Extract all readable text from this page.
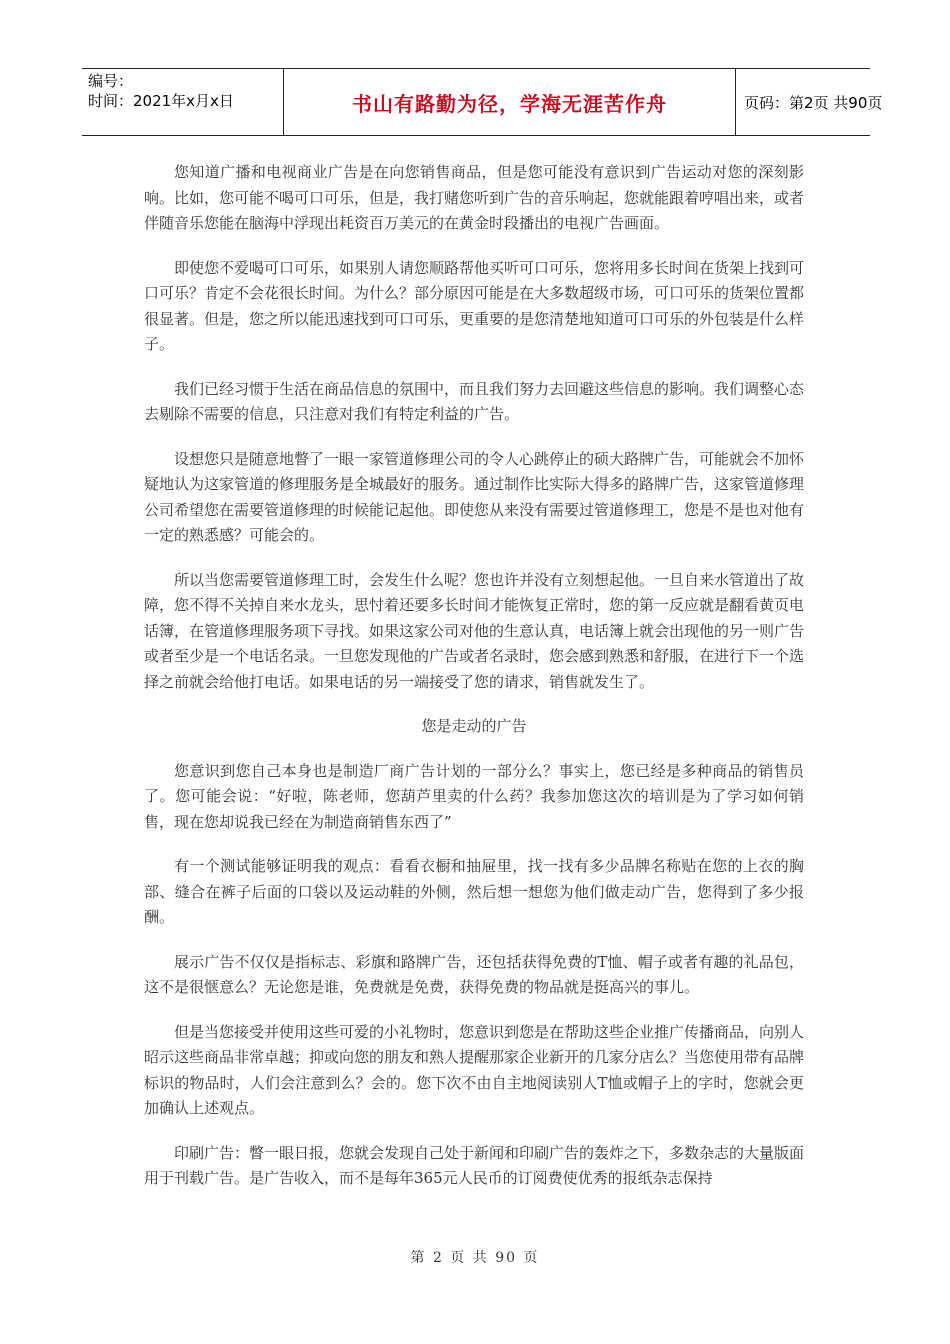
编号：
时间：2021年x月x日	书山有路勤为径，学海无涯苦作舟	页码：第2页 共90页

您知道广播和电视商业广告是在向您销售商品，但是您可能没有意识到广告运动对您的深刻影响。比如，您可能不喝可口可乐，但是，我打赌您听到广告的音乐响起，您就能跟着哼唱出来，或者伴随音乐您能在脑海中浮现出耗资百万美元的在黄金时段播出的电视广告画面。

即使您不爱喝可口可乐，如果别人请您顺路帮他买听可口可乐，您将用多长时间在货架上找到可口可乐？肯定不会花很长时间。为什么？部分原因可能是在大多数超级市场，可口可乐的货架位置都很显著。但是，您之所以能迅速找到可口可乐，更重要的是您清楚地知道可口可乐的外包装是什么样子。

我们已经习惯于生活在商品信息的氛围中，而且我们努力去回避这些信息的影响。我们调整心态去剔除不需要的信息，只注意对我们有特定利益的广告。

设想您只是随意地瞥了一眼一家管道修理公司的令人心跳停止的硕大路牌广告，可能就会不加怀疑地认为这家管道的修理服务是全城最好的服务。通过制作比实际大得多的路牌广告，这家管道修理公司希望您在需要管道修理的时候能记起他。即使您从来没有需要过管道修理工，您是不是也对他有一定的熟悉感？可能会的。

所以当您需要管道修理工时，会发生什么呢？您也许并没有立刻想起他。一旦自来水管道出了故障，您不得不关掉自来水龙头，思忖着还要多长时间才能恢复正常时，您的第一反应就是翻看黄页电话簿，在管道修理服务项下寻找。如果这家公司对他的生意认真，电话簿上就会出现他的另一则广告或者至少是一个电话名录。一旦您发现他的广告或者名录时，您会感到熟悉和舒服，在进行下一个选择之前就会给他打电话。如果电话的另一端接受了您的请求，销售就发生了。

您是走动的广告

您意识到您自己本身也是制造厂商广告计划的一部分么？事实上，您已经是多种商品的销售员了。您可能会说：“好啦，陈老师，您葫芦里卖的什么药？我参加您这次的培训是为了学习如何销售，现在您却说我已经在为制造商销售东西了”

有一个测试能够证明我的观点：看看衣橱和抽屉里，找一找有多少品牌名称贴在您的上衣的胸部、缝合在裤子后面的口袋以及运动鞋的外侧，然后想一想您为他们做走动广告，您得到了多少报酬。

展示广告不仅仅是指标志、彩旗和路牌广告，还包括获得免费的T恤、帽子或者有趣的礼品包，这不是很惬意么？无论您是谁，免费就是免费，获得免费的物品就是挺高兴的事儿。

但是当您接受并使用这些可爱的小礼物时，您意识到您是在帮助这些企业推广传播商品，向别人昭示这些商品非常卓越；抑或向您的朋友和熟人提醒那家企业新开的几家分店么？当您使用带有品牌标识的物品时，人们会注意到么？会的。您下次不由自主地阅读别人T恤或帽子上的字时，您就会更加确认上述观点。

印刷广告：瞥一眼日报，您就会发现自己处于新闻和印刷广告的轰炸之下，多数杂志的大量版面用于刊载广告。是广告收入，而不是每年365元人民币的订阅费使优秀的报纸杂志保持

第 2 页 共 90 页
